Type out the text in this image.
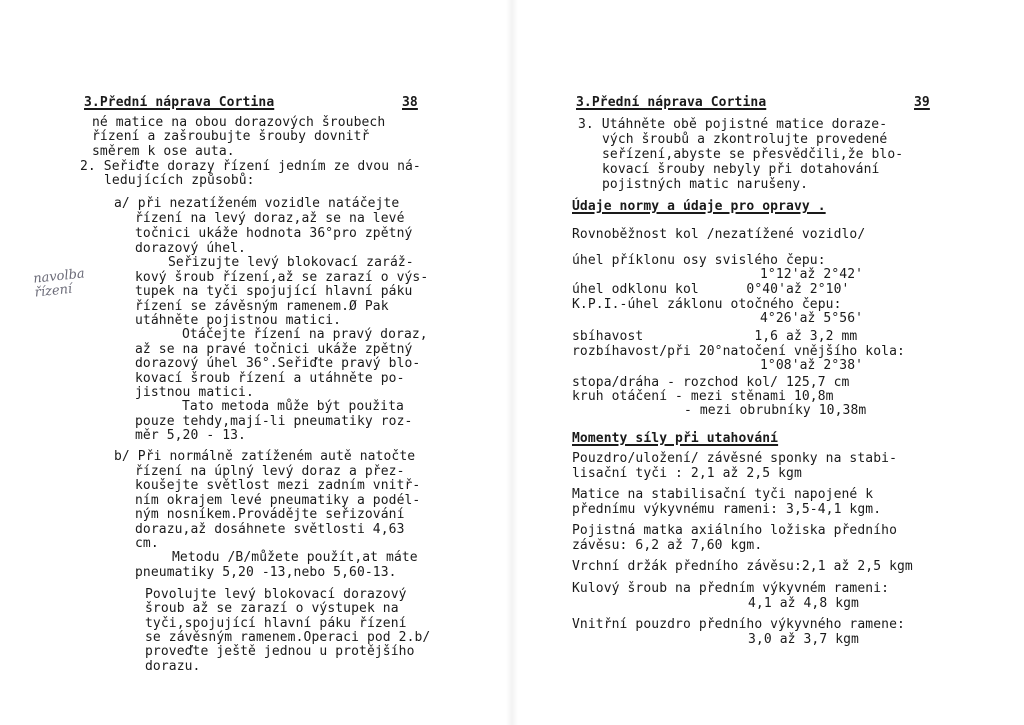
3.Přední náprava Cortina	38
né matice na obou dorazových šroubech
řízení a zašroubujte šrouby dovnitř
směrem k ose auta.
2. Seřiďte dorazy řízení jedním ze dvou ná-
ledujících způsobů:
a/ při nezatíženém vozidle natáčejte
řízení na levý doraz,až se na levé
točnici ukáže hodnota 36°pro zpětný
dorazový úhel.
Seřizujte levý blokovací zaráž-
kový šroub řízení,až se zarazí o výs-
tupek na tyči spojující hlavní páku
řízení se závěsným ramenem.Ø Pak
utáhněte pojistnou matici.
Otáčejte řízení na pravý doraz,
až se na pravé točnici ukáže zpětný
dorazový úhel 36°.Seřiďte pravý blo-
kovací šroub řízení a utáhněte po-
jistnou matici.
Tato metoda může být použita
pouze tehdy,mají-li pneumatiky roz-
měr 5,20 - 13.
b/ Při normálně zatíženém autě natočte
řízení na úplný levý doraz a přez-
koušejte světlost mezi zadním vnitř-
ním okrajem levé pneumatiky a podél-
ným nosníkem.Provádějte seřizování
dorazu,až dosáhnete světlosti 4,63
cm.
Metodu /B/můžete použít,at máte
pneumatiky 5,20 -13,nebo 5,60-13.
Povolujte levý blokovací dorazový
šroub až se zarazí o výstupek na
tyči,spojující hlavní páku řízení
se závěsným ramenem.Operaci pod 2.b/
proveďte ještě jednou u protějšího
dorazu.
navolba
řízení
3.Přední náprava Cortina	39
3. Utáhněte obě pojistné matice doraze-
vých šroubů a zkontrolujte provedené
seřízení,abyste se přesvědčili,že blo-
kovací šrouby nebyly při dotahování
pojistných matic narušeny.
Údaje normy a údaje pro opravy .
Rovnoběžnost kol /nezatížené vozidlo/
úhel příklonu osy svislého čepu:
1°12'až 2°42'
úhel odklonu kol      0°40'až 2°10'
K.P.I.-úhel záklonu otočného čepu:
4°26'až 5°56'
sbíhavost              1,6 až 3,2 mm
rozbíhavost/při 20°natočení vnějšího kola:
1°08'až 2°38'
stopa/dráha - rozchod kol/ 125,7 cm
kruh otáčení - mezi stěnami 10,8m
- mezi obrubníky 10,38m
Momenty síly při utahování
Pouzdro/uložení/ závěsné sponky na stabi-
lisační tyči : 2,1 až 2,5 kgm
Matice na stabilisační tyči napojené k
přednímu výkyvnému rameni: 3,5-4,1 kgm.
Pojistná matka axiálního ložiska předního
závěsu: 6,2 až 7,60 kgm.
Vrchní držák předního závěsu:2,1 až 2,5 kgm
Kulový šroub na předním výkyvném rameni:
4,1 až 4,8 kgm
Vnitřní pouzdro předního výkyvného ramene:
3,0 až 3,7 kgm
